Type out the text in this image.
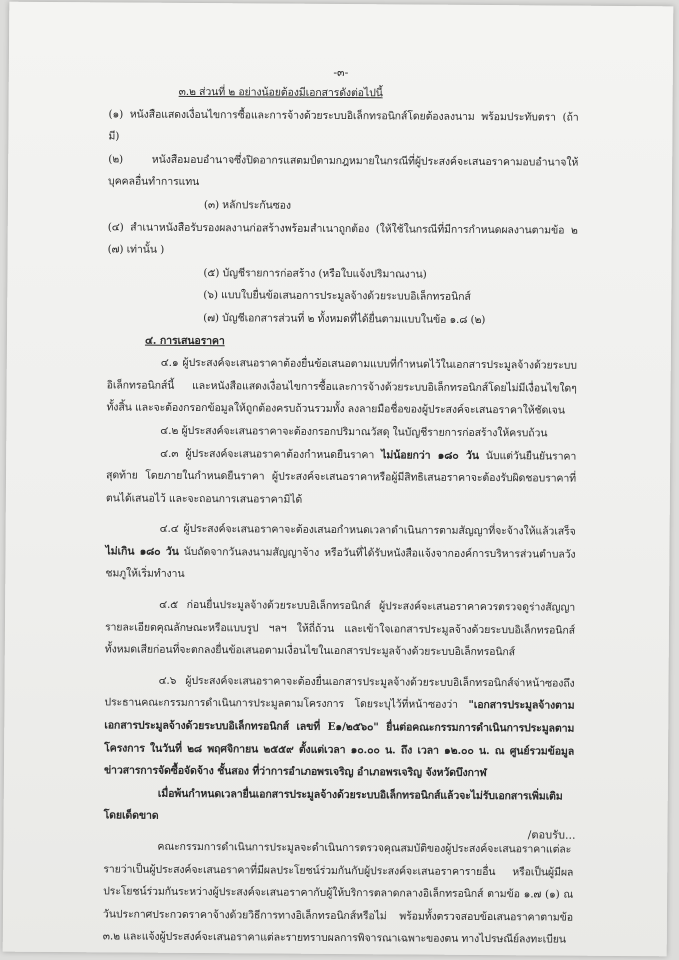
-๓-

๓.๒ ส่วนที่ ๒ อย่างน้อยต้องมีเอกสารดังต่อไปนี้

(๑) หนังสือแสดงเงื่อนไขการซื้อและการจ้างด้วยระบบอิเล็กทรอนิกส์โดยต้องลงนาม พร้อมประทับตรา (ถ้ามี)

(๒) หนังสือมอบอำนาจซึ่งปิดอากรแสตมป์ตามกฎหมายในกรณีที่ผู้ประสงค์จะเสนอราคามอบอำนาจให้บุคคลอื่นทำการแทน

(๓) หลักประกันซอง

(๔) สำเนาหนังสือรับรองผลงานก่อสร้างพร้อมสำเนาถูกต้อง (ให้ใช้ในกรณีที่มีการกำหนดผลงานตามข้อ ๒ (๗) เท่านั้น )

(๕) บัญชีรายการก่อสร้าง (หรือใบแจ้งปริมาณงาน)

(๖) แบบใบยื่นข้อเสนอการประมูลจ้างด้วยระบบอิเล็กทรอนิกส์

(๗) บัญชีเอกสารส่วนที่ ๒ ทั้งหมดที่ได้ยื่นตามแบบในข้อ ๑.๘ (๒)

๔. การเสนอราคา

๔.๑ ผู้ประสงค์จะเสนอราคาต้องยื่นข้อเสนอตามแบบที่กำหนดไว้ในเอกสารประมูลจ้างด้วยระบบอิเล็กทรอนิกส์นี้ และหนังสือแสดงเงื่อนไขการซื้อและการจ้างด้วยระบบอิเล็กทรอนิกส์โดยไม่มีเงื่อนไขใดๆ ทั้งสิ้น และจะต้องกรอกข้อมูลให้ถูกต้องครบถ้วนรวมทั้ง ลงลายมือชื่อของผู้ประสงค์จะเสนอราคาให้ชัดเจน

๔.๒ ผู้ประสงค์จะเสนอราคาจะต้องกรอกปริมาณวัสดุ ในบัญชีรายการก่อสร้างให้ครบถ้วน

๔.๓ ผู้ประสงค์จะเสนอราคาต้องกำหนดยืนราคา ไม่น้อยกว่า ๑๘๐ วัน นับแต่วันยืนยันราคาสุดท้าย โดยภายในกำหนดยืนราคา ผู้ประสงค์จะเสนอราคาหรือผู้มีสิทธิเสนอราคาจะต้องรับผิดชอบราคาที่ตนได้เสนอไว้ และจะถอนการเสนอราคามิได้

๔.๔ ผู้ประสงค์จะเสนอราคาจะต้องเสนอกำหนดเวลาดำเนินการตามสัญญาที่จะจ้างให้แล้วเสร็จ ไม่เกิน ๑๘๐ วัน นับถัดจากวันลงนามสัญญาจ้าง หรือวันที่ได้รับหนังสือแจ้งจากองค์การบริหารส่วนตำบลวังชมภูให้เริ่มทำงาน

๔.๕ ก่อนยื่นประมูลจ้างด้วยระบบอิเล็กทรอนิกส์ ผู้ประสงค์จะเสนอราคาควรตรวจดูร่างสัญญา รายละเอียดคุณลักษณะหรือแบบรูป ฯลฯ ให้ถี่ถ้วน และเข้าใจเอกสารประมูลจ้างด้วยระบบอิเล็กทรอนิกส์ทั้งหมดเสียก่อนที่จะตกลงยื่นข้อเสนอตามเงื่อนไขในเอกสารประมูลจ้างด้วยระบบอิเล็กทรอนิกส์

๔.๖ ผู้ประสงค์จะเสนอราคาจะต้องยื่นเอกสารประมูลจ้างด้วยระบบอิเล็กทรอนิกส์จ่าหน้าซองถึงประธานคณะกรรมการดำเนินการประมูลตามโครงการ โดยระบุไว้ที่หน้าซองว่า "เอกสารประมูลจ้างตามเอกสารประมูลจ้างด้วยระบบอิเล็กทรอนิกส์ เลขที่ E๑/๒๕๖๐" ยื่นต่อคณะกรรมการดำเนินการประมูลตามโครงการ ในวันที่ ๒๘ พฤศจิกายน ๒๕๕๙ ตั้งแต่เวลา ๑๐.๐๐ น. ถึง เวลา ๑๒.๐๐ น. ณ ศูนย์รวมข้อมูลข่าวสารการจัดซื้อจัดจ้าง ชั้นสอง ที่ว่าการอำเภอพรเจริญ อำเภอพรเจริญ จังหวัดบึงกาฬ

เมื่อพ้นกำหนดเวลายื่นเอกสารประมูลจ้างด้วยระบบอิเล็กทรอนิกส์แล้วจะไม่รับเอกสารเพิ่มเติมโดยเด็ดขาด

คณะกรรมการดำเนินการประมูลจะดำเนินการตรวจคุณสมบัติของผู้ประสงค์จะเสนอราคาแต่ละรายว่าเป็นผู้ประสงค์จะเสนอราคาที่มีผลประโยชน์ร่วมกันกับผู้ประสงค์จะเสนอราคารายอื่น หรือเป็นผู้มีผลประโยชน์ร่วมกันระหว่างผู้ประสงค์จะเสนอราคากับผู้ให้บริการตลาดกลางอิเล็กทรอนิกส์ ตามข้อ ๑.๗ (๑) ณ วันประกาศประกวดราคาจ้างด้วยวิธีการทางอิเล็กทรอนิกส์หรือไม่ พร้อมทั้งตรวจสอบข้อเสนอราคาตามข้อ ๓.๒ และแจ้งผู้ประสงค์จะเสนอราคาแต่ละรายทราบผลการพิจารณาเฉพาะของตน ทางไปรษณีย์ลงทะเบียน

/ตอบรับ...
